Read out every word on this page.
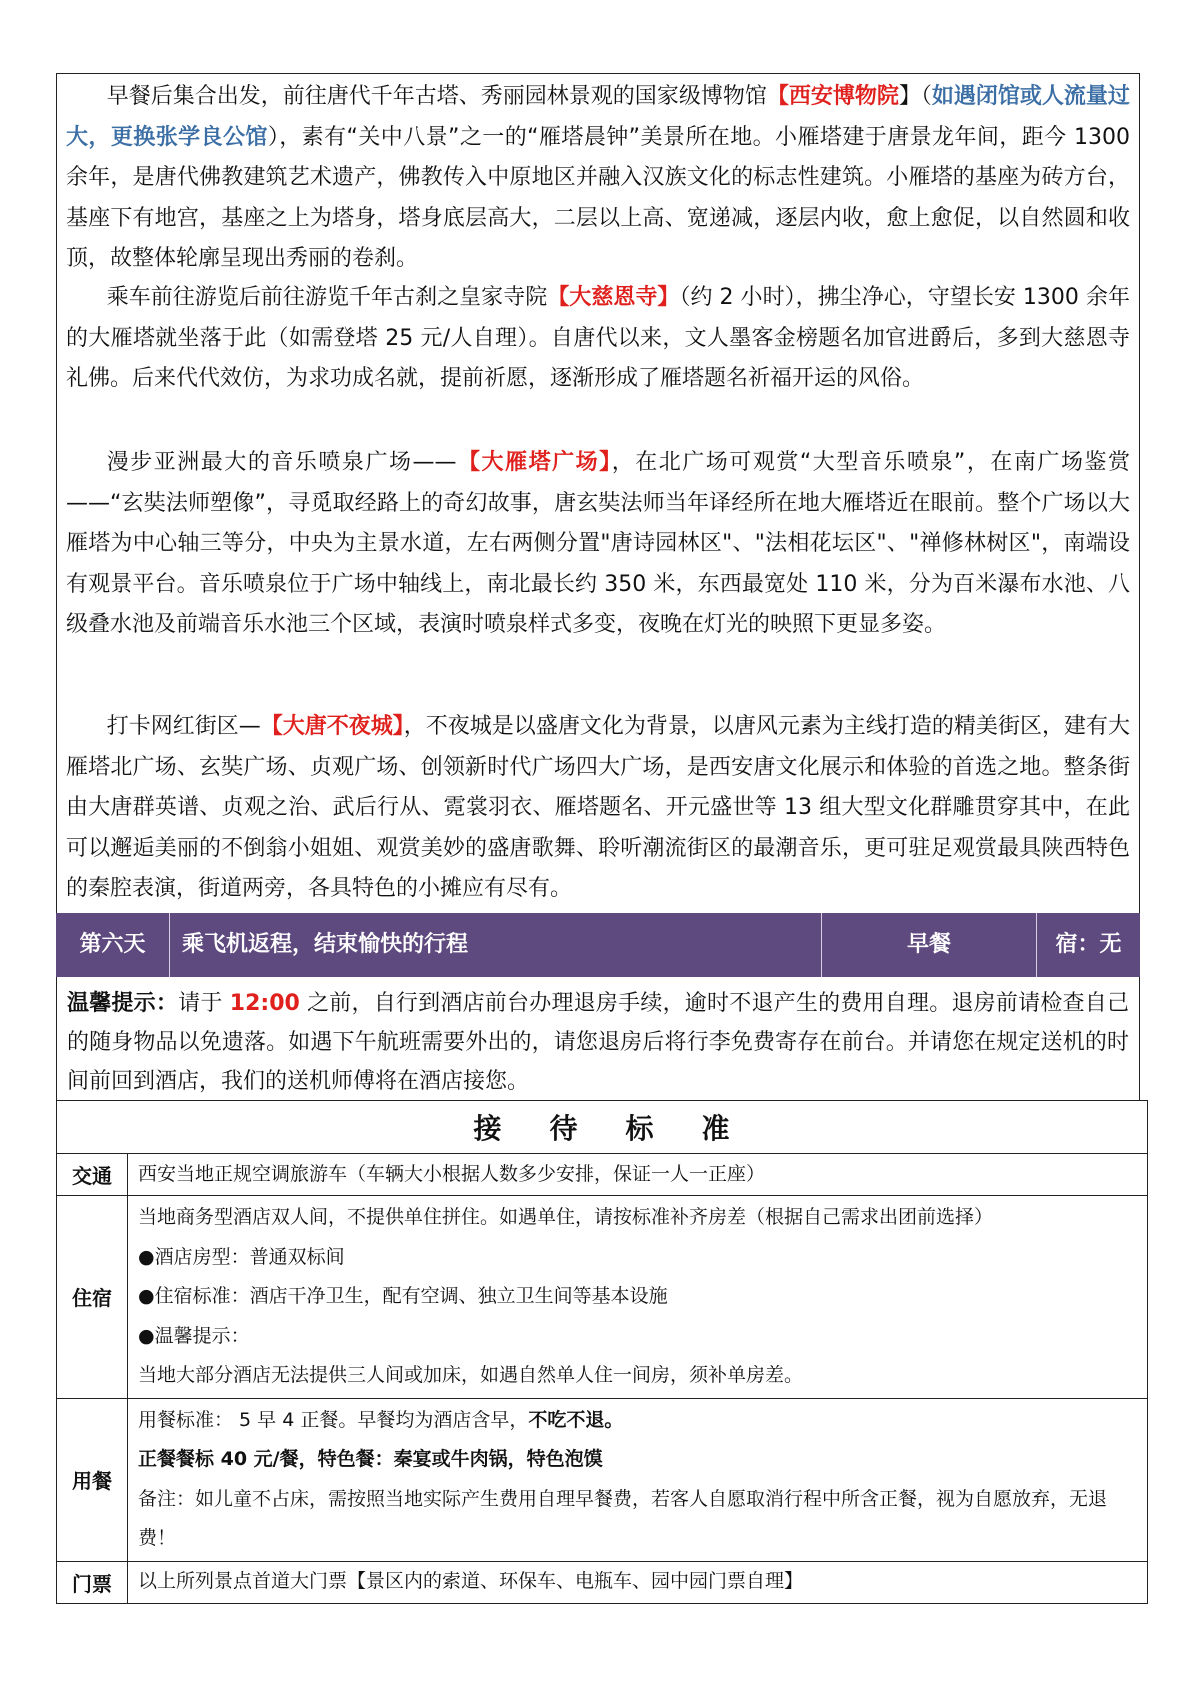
早餐后集合出发，前往唐代千年古塔、秀丽园林景观的国家级博物馆【西安博物院】（如遇闭馆或人流量过大，更换张学良公馆），素有“关中八景”之一的“雁塔晨钟”美景所在地。小雁塔建于唐景龙年间，距今 1300 余年，是唐代佛教建筑艺术遗产，佛教传入中原地区并融入汉族文化的标志性建筑。小雁塔的基座为砖方台，基座下有地宫，基座之上为塔身，塔身底层高大，二层以上高、宽递减，逐层内收，愈上愈促，以自然圆和收顶，故整体轮廓呈现出秀丽的卷刹。

乘车前往游览后前往游览千年古刹之皇家寺院【大慈恩寺】（约 2 小时），拂尘净心，守望长安 1300 余年的大雁塔就坐落于此（如需登塔 25 元/人自理）。自唐代以来，文人墨客金榜题名加官进爵后，多到大慈恩寺礼佛。后来代代效仿，为求功成名就，提前祈愿，逐渐形成了雁塔题名祈福开运的风俗。

漫步亚洲最大的音乐喷泉广场——【大雁塔广场】，在北广场可观赏“大型音乐喷泉”，在南广场鉴赏——“玄奘法师塑像”，寻觅取经路上的奇幻故事，唐玄奘法师当年译经所在地大雁塔近在眼前。整个广场以大雁塔为中心轴三等分，中央为主景水道，左右两侧分置"唐诗园林区"、"法相花坛区"、"禅修林树区"，南端设有观景平台。音乐喷泉位于广场中轴线上，南北最长约 350 米，东西最宽处 110 米，分为百米瀑布水池、八级叠水池及前端音乐水池三个区域，表演时喷泉样式多变，夜晚在灯光的映照下更显多姿。

打卡网红街区—【大唐不夜城】，不夜城是以盛唐文化为背景，以唐风元素为主线打造的精美街区，建有大雁塔北广场、玄奘广场、贞观广场、创领新时代广场四大广场，是西安唐文化展示和体验的首选之地。整条街由大唐群英谱、贞观之治、武后行从、霓裳羽衣、雁塔题名、开元盛世等 13 组大型文化群雕贯穿其中，在此可以邂逅美丽的不倒翁小姐姐、观赏美妙的盛唐歌舞、聆听潮流街区的最潮音乐，更可驻足观赏最具陕西特色的秦腔表演，街道两旁，各具特色的小摊应有尽有。

第六天	乘飞机返程，结束愉快的行程	早餐	宿：无

温馨提示：请于 12:00 之前，自行到酒店前台办理退房手续，逾时不退产生的费用自理。退房前请检查自己的随身物品以免遗落。如遇下午航班需要外出的，请您退房后将行李免费寄存在前台。并请您在规定送机的时间前回到酒店，我们的送机师傅将在酒店接您。

接待标准	
交通	西安当地正规空调旅游车（车辆大小根据人数多少安排，保证一人一正座）
住宿	当地商务型酒店双人间，不提供单住拼住。如遇单住，请按标准补齐房差（根据自己需求出团前选择）
●酒店房型：普通双标间
●住宿标准：酒店干净卫生，配有空调、独立卫生间等基本设施
●温馨提示：
当地大部分酒店无法提供三人间或加床，如遇自然单人住一间房，须补单房差。

用餐	用餐标准： 5 早 4 正餐。早餐均为酒店含早，不吃不退。
正餐餐标 40 元/餐，特色餐：秦宴或牛肉锅，特色泡馍
备注：如儿童不占床，需按照当地实际产生费用自理早餐费，若客人自愿取消行程中所含正餐，视为自愿放弃，无退费！

门票	以上所列景点首道大门票【景区内的索道、环保车、电瓶车、园中园门票自理】
